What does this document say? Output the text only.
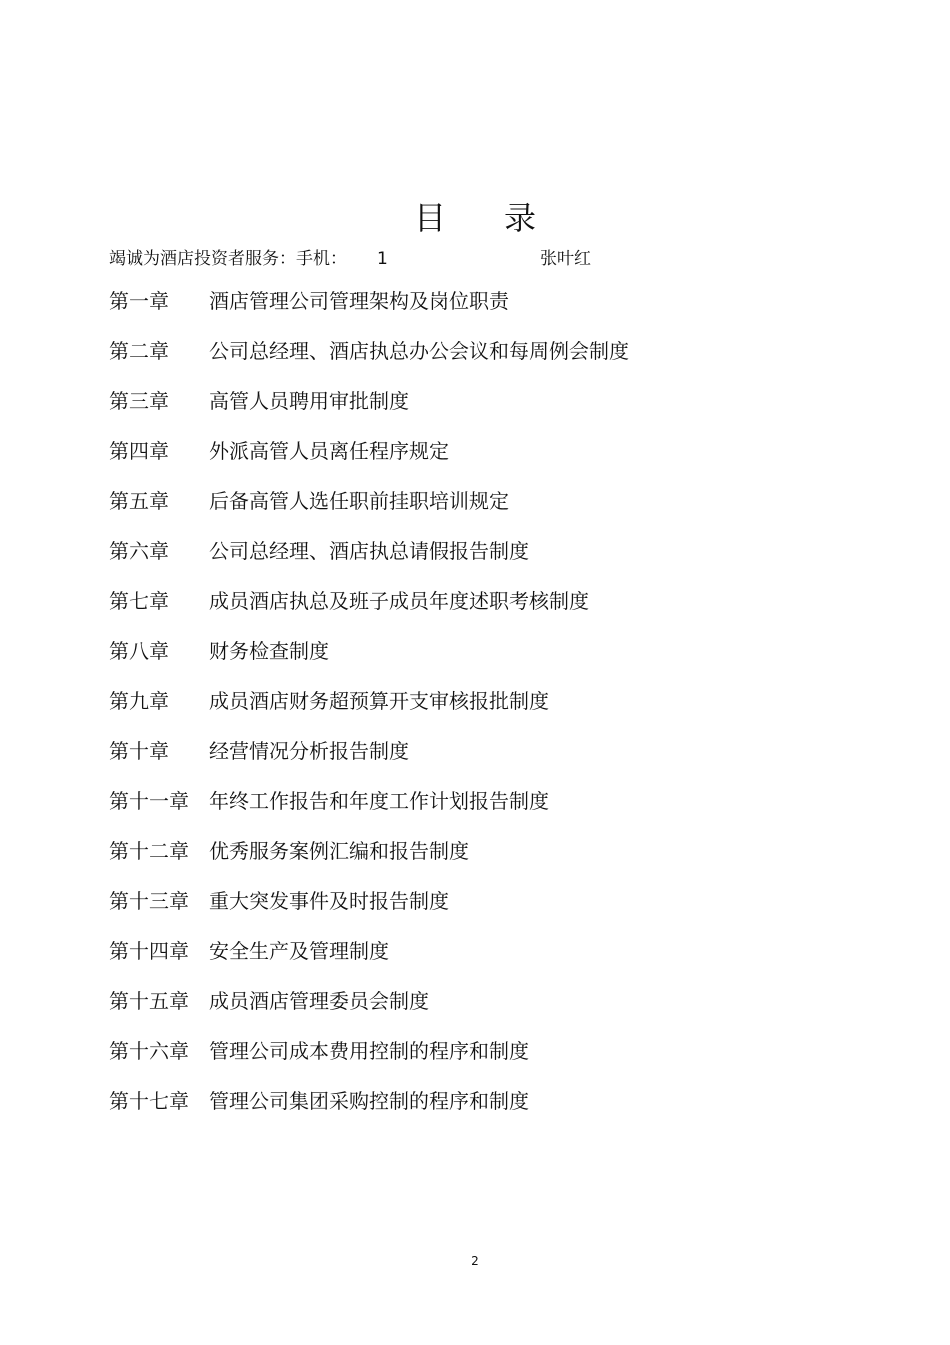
目 录
竭诚为酒店投资者服务：手机： 1	张叶红
第一章 酒店管理公司管理架构及岗位职责
第二章 公司总经理、酒店执总办公会议和每周例会制度
第三章 高管人员聘用审批制度
第四章 外派高管人员离任程序规定
第五章 后备高管人选任职前挂职培训规定
第六章 公司总经理、酒店执总请假报告制度
第七章 成员酒店执总及班子成员年度述职考核制度
第八章 财务检查制度
第九章 成员酒店财务超预算开支审核报批制度
第十章 经营情况分析报告制度
第十一章 年终工作报告和年度工作计划报告制度
第十二章 优秀服务案例汇编和报告制度
第十三章 重大突发事件及时报告制度
第十四章 安全生产及管理制度
第十五章 成员酒店管理委员会制度
第十六章 管理公司成本费用控制的程序和制度
第十七章 管理公司集团采购控制的程序和制度
2
